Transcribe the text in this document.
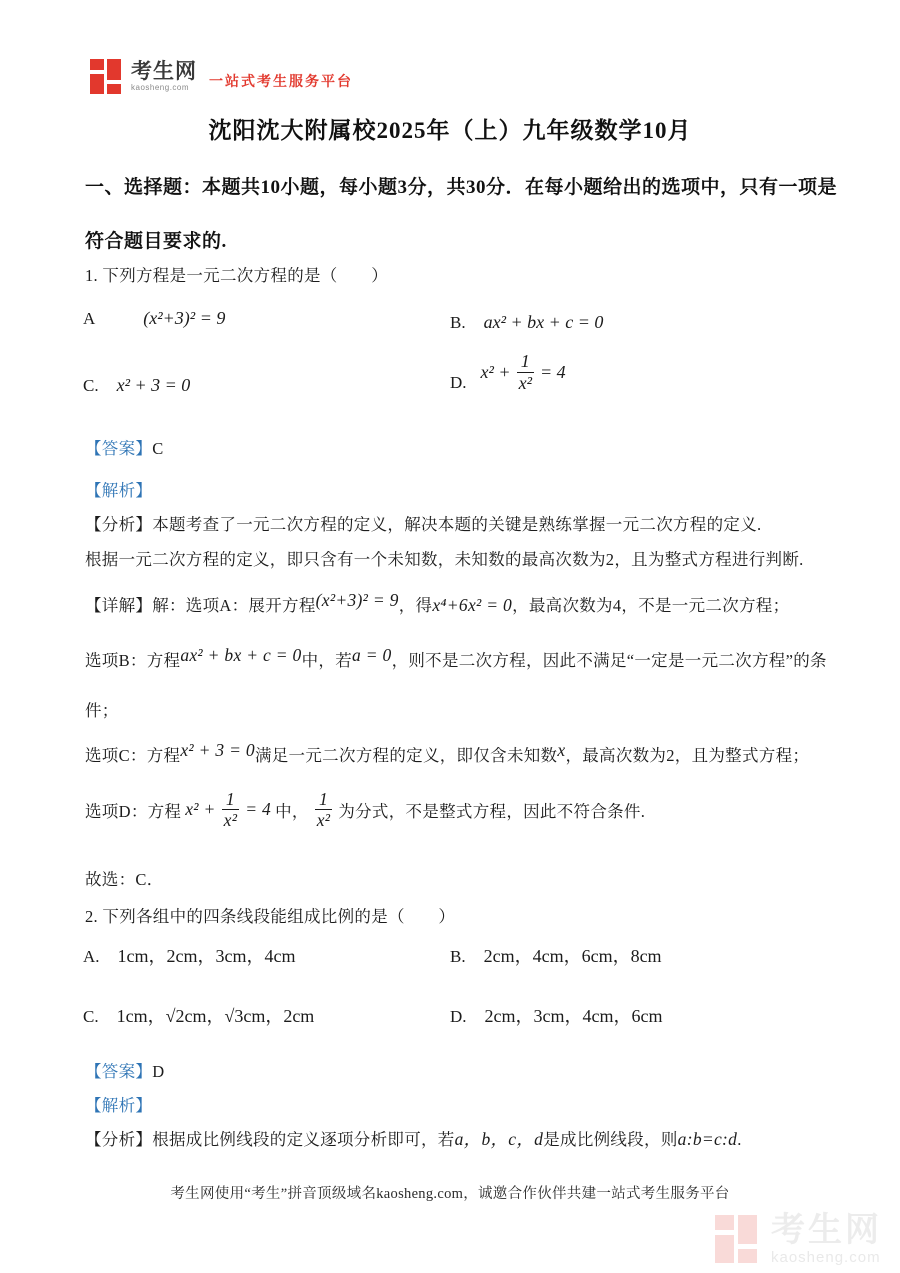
考生网
kaosheng.com	一站式考生服务平台
沈阳沈大附属校2025年（上）九年级数学10月
一、选择题：本题共10小题，每小题3分，共30分．在每小题给出的选项中，只有一项是
符合题目要求的.
1. 下列方程是一元二次方程的是（　　）
A	(x²+3)² = 9	B. ax² + bx + c = 0
C. x² + 3 = 0	D.
$x^2 + \frac{1}{\text{x²}} = 4$
【答案】C
【解析】
【分析】本题考查了一元二次方程的定义，解决本题的关键是熟练掌握一元二次方程的定义.
根据一元二次方程的定义，即只含有一个未知数，未知数的最高次数为2，且为整式方程进行判断.
【详解】解：选项A：展开方程(x²+3)² = 9，得x⁴+6x² = 0，最高次数为4，不是一元二次方程；
选项B：方程ax² + bx + c = 0中，若a = 0，则不是二次方程，因此不满足“一定是一元二次方程”的条
件；
选项C：方程x² + 3 = 0满足一元二次方程的定义，即仅含未知数x，最高次数为2，且为整式方程；
选项D：方程 $x^2 + \frac{1}{\text{x²}} = 4$ 中， $\frac{1}{\text{x²}}$ 为分式，不是整式方程，因此不符合条件.
故选：C．
2. 下列各组中的四条线段能组成比例的是（　　）
A. 1cm，2cm，3cm，4cm	B. 2cm，4cm，6cm，8cm
C. 1cm，√2cm，√3cm，2cm	D. 2cm，3cm，4cm，6cm
【答案】D
【解析】
【分析】根据成比例线段的定义逐项分析即可，若a，b，c，d是成比例线段，则a:b=c:d.
考生网使用“考生”拼音顶级域名kaosheng.com，诚邀合作伙伴共建一站式考生服务平台
考生网
kaosheng.com
